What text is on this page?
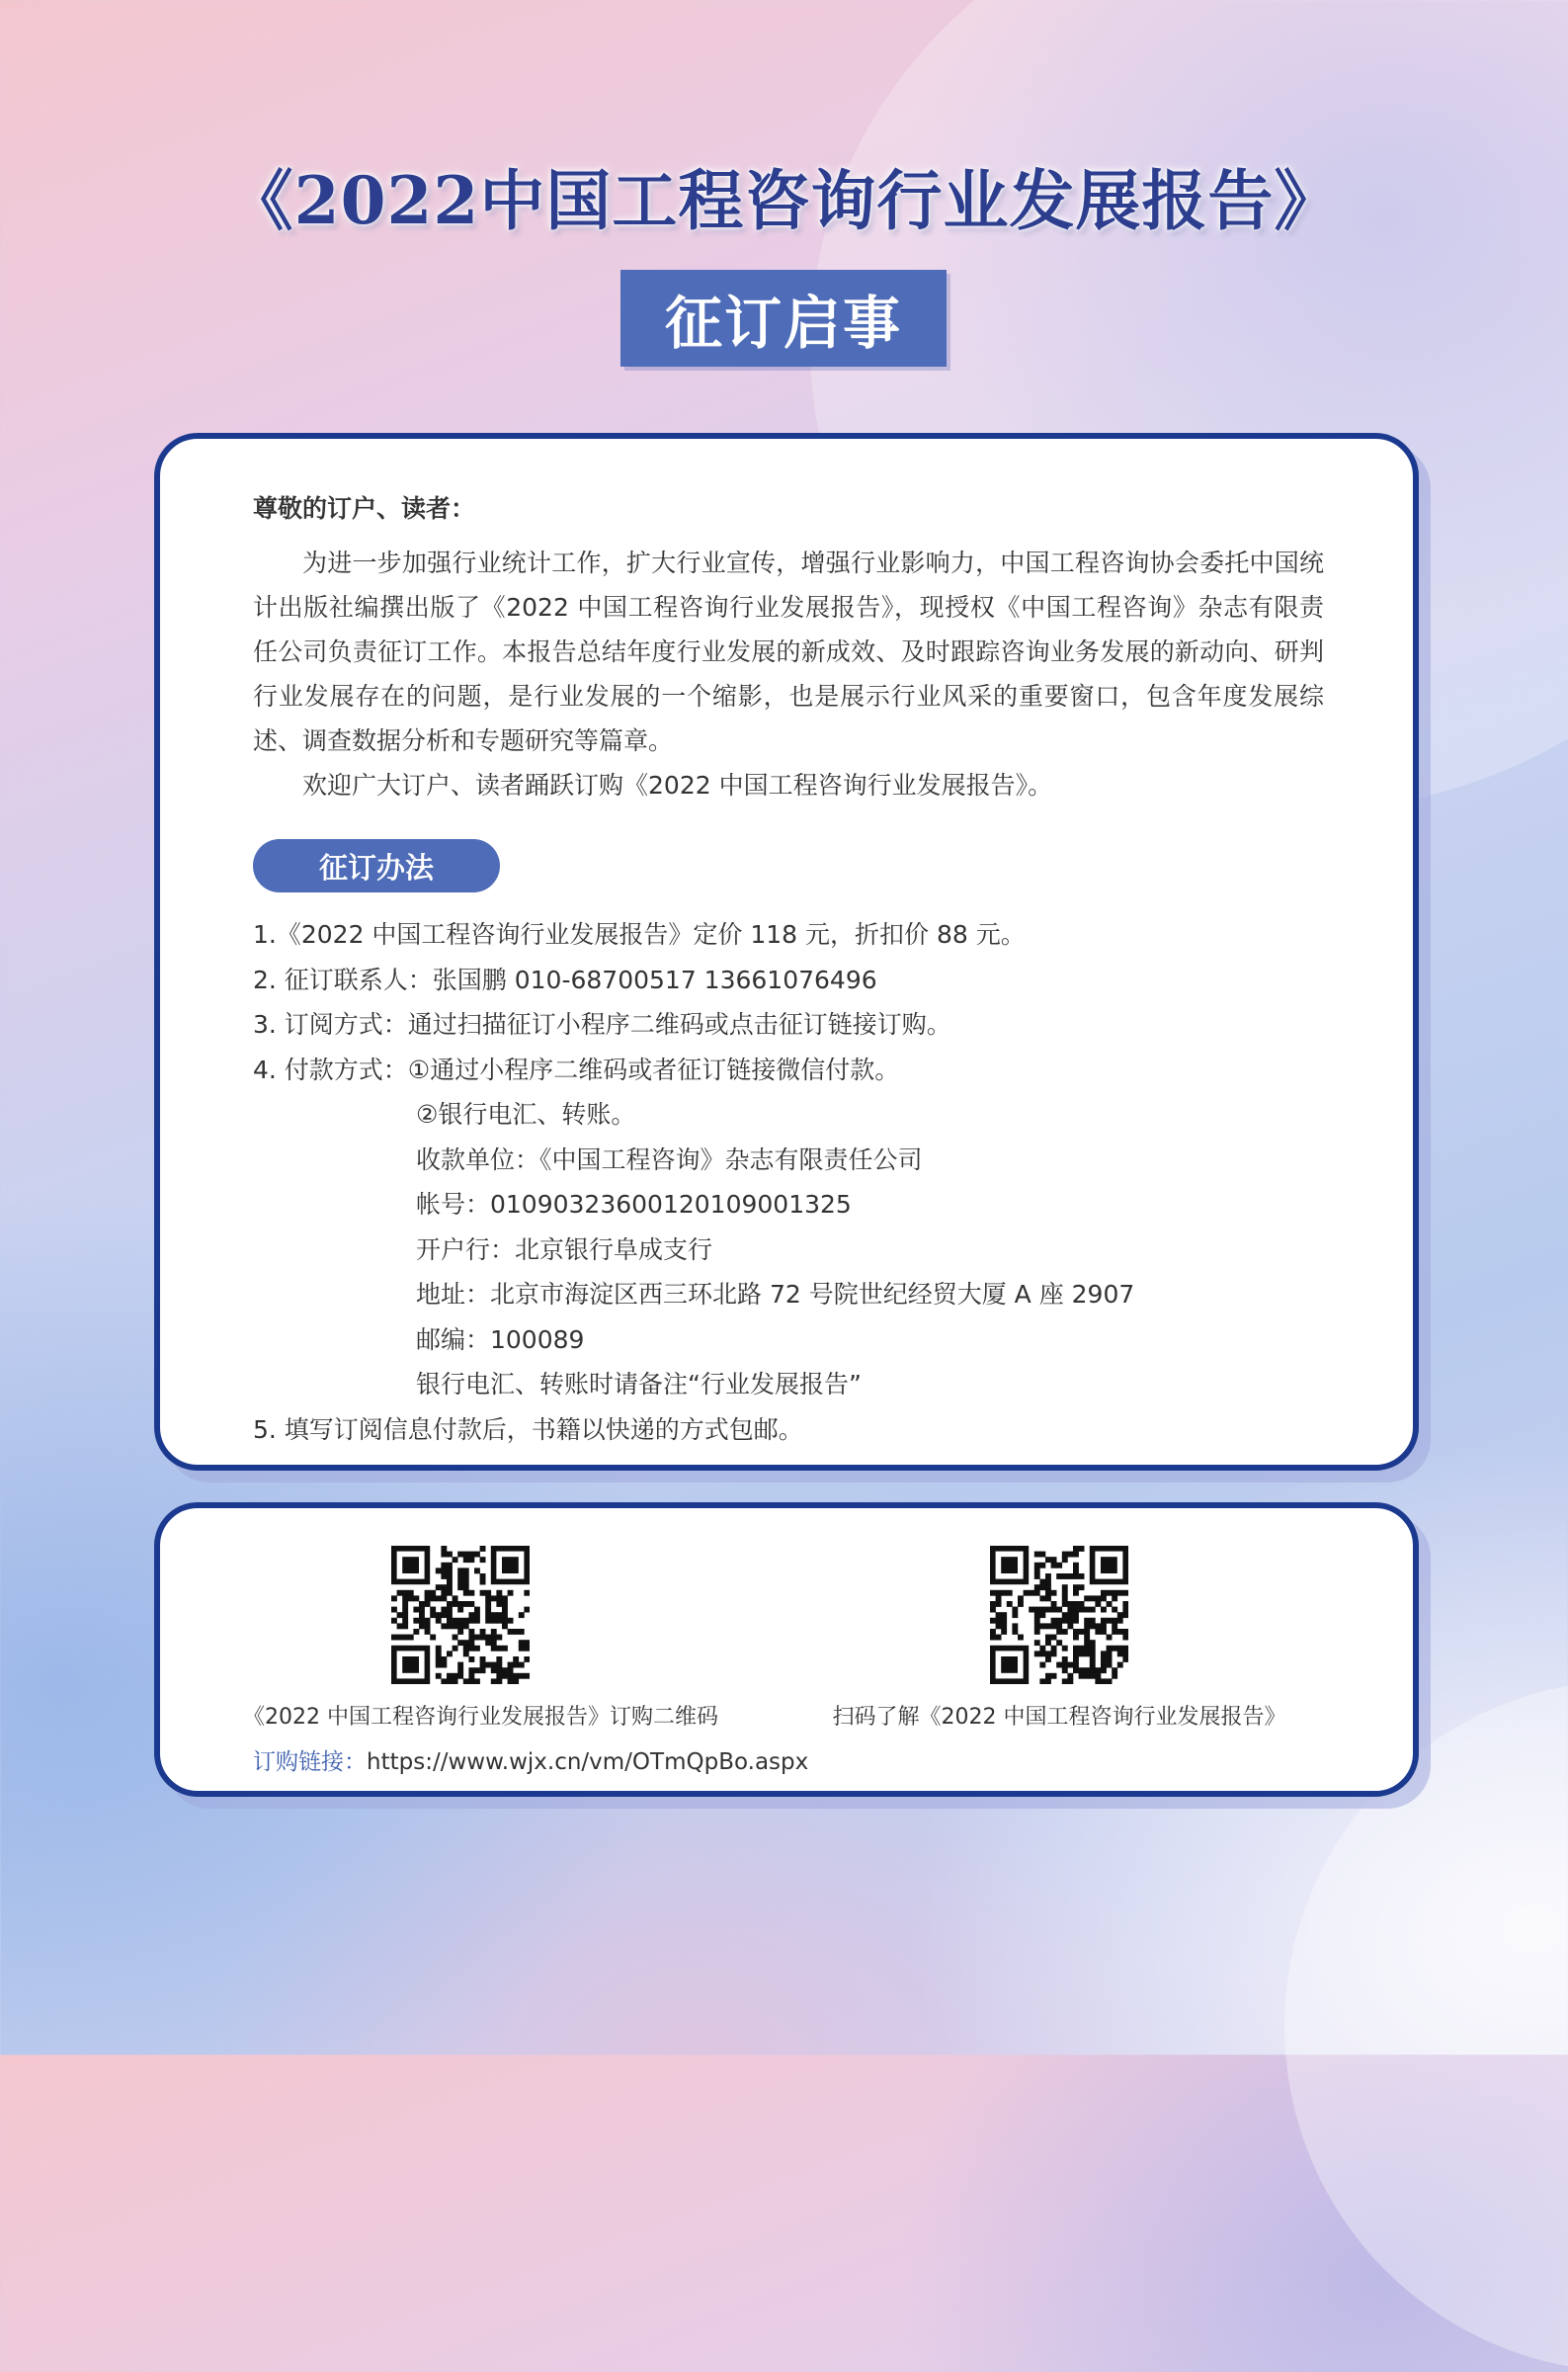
《2022中国工程咨询行业发展报告》
征订启事

尊敬的订户、读者：

为进一步加强行业统计工作，扩大行业宣传，增强行业影响力，中国工程咨询协会委托中国统计出版社编撰出版了《2022 中国工程咨询行业发展报告》，现授权《中国工程咨询》杂志有限责任公司负责征订工作。本报告总结年度行业发展的新成效、及时跟踪咨询业务发展的新动向、研判行业发展存在的问题，是行业发展的一个缩影，也是展示行业风采的重要窗口，包含年度发展综述、调查数据分析和专题研究等篇章。

欢迎广大订户、读者踊跃订购《2022 中国工程咨询行业发展报告》。

征订办法
1.《2022 中国工程咨询行业发展报告》定价 118 元，折扣价 88 元。
2. 征订联系人：张国鹏 010-68700517 13661076496
3. 订阅方式：通过扫描征订小程序二维码或点击征订链接订购。
4. 付款方式：①通过小程序二维码或者征订链接微信付款。
②银行电汇、转账。
收款单位：《中国工程咨询》杂志有限责任公司
帐号：01090323600120109001325
开户行：北京银行阜成支行
地址：北京市海淀区西三环北路 72 号院世纪经贸大厦 A 座 2907
邮编：100089
银行电汇、转账时请备注“行业发展报告”
5. 填写订阅信息付款后，书籍以快递的方式包邮。
《2022 中国工程咨询行业发展报告》订购二维码	扫码了解《2022 中国工程咨询行业发展报告》
订购链接：https://www.wjx.cn/vm/OTmQpBo.aspx
